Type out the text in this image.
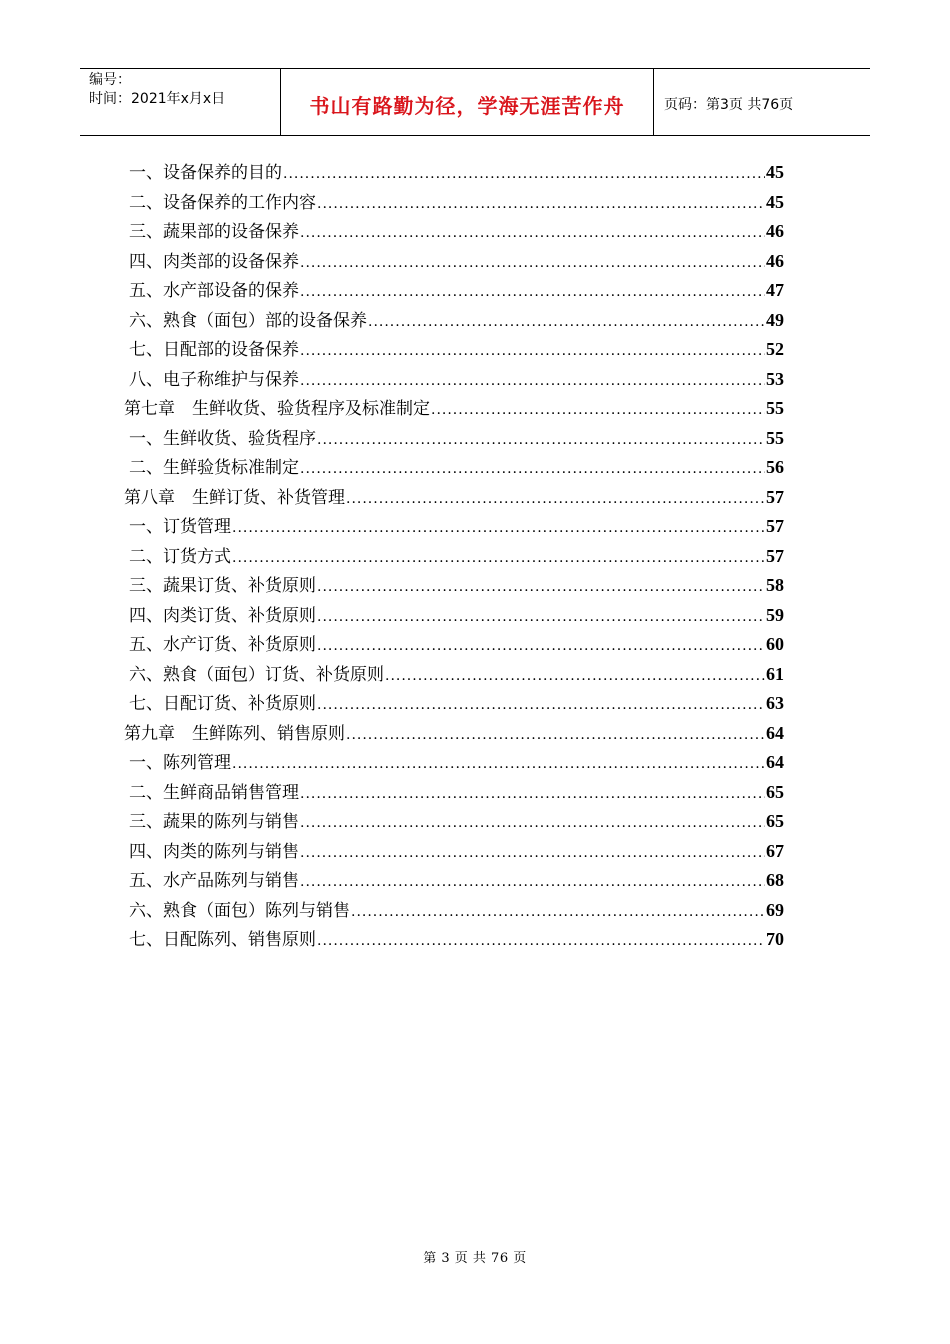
编号：
时间：2021年x月x日	书山有路勤为径，学海无涯苦作舟	页码：第3页 共76页
一、设备保养的目的 .....	45
二、设备保养的工作内容 .....	45
三、蔬果部的设备保养 .....	46
四、肉类部的设备保养 .....	46
五、水产部设备的保养 .....	47
六、熟食（面包）部的设备保养 .....	49
七、日配部的设备保养 .....	52
八、电子称维护与保养 .....	53
第七章　生鲜收货、验货程序及标准制定 .....	55
一、生鲜收货、验货程序 .....	55
二、生鲜验货标准制定 .....	56
第八章　生鲜订货、补货管理 .....	57
一、订货管理 .....	57
二、订货方式 .....	57
三、蔬果订货、补货原则 .....	58
四、肉类订货、补货原则 .....	59
五、水产订货、补货原则 .....	60
六、熟食（面包）订货、补货原则 .....	61
七、日配订货、补货原则 .....	63
第九章　生鲜陈列、销售原则 .....	64
一、陈列管理 .....	64
二、生鲜商品销售管理 .....	65
三、蔬果的陈列与销售 .....	65
四、肉类的陈列与销售 .....	67
五、水产品陈列与销售 .....	68
六、熟食（面包）陈列与销售 .....	69
七、日配陈列、销售原则 .....	70
第 3 页 共 76 页
